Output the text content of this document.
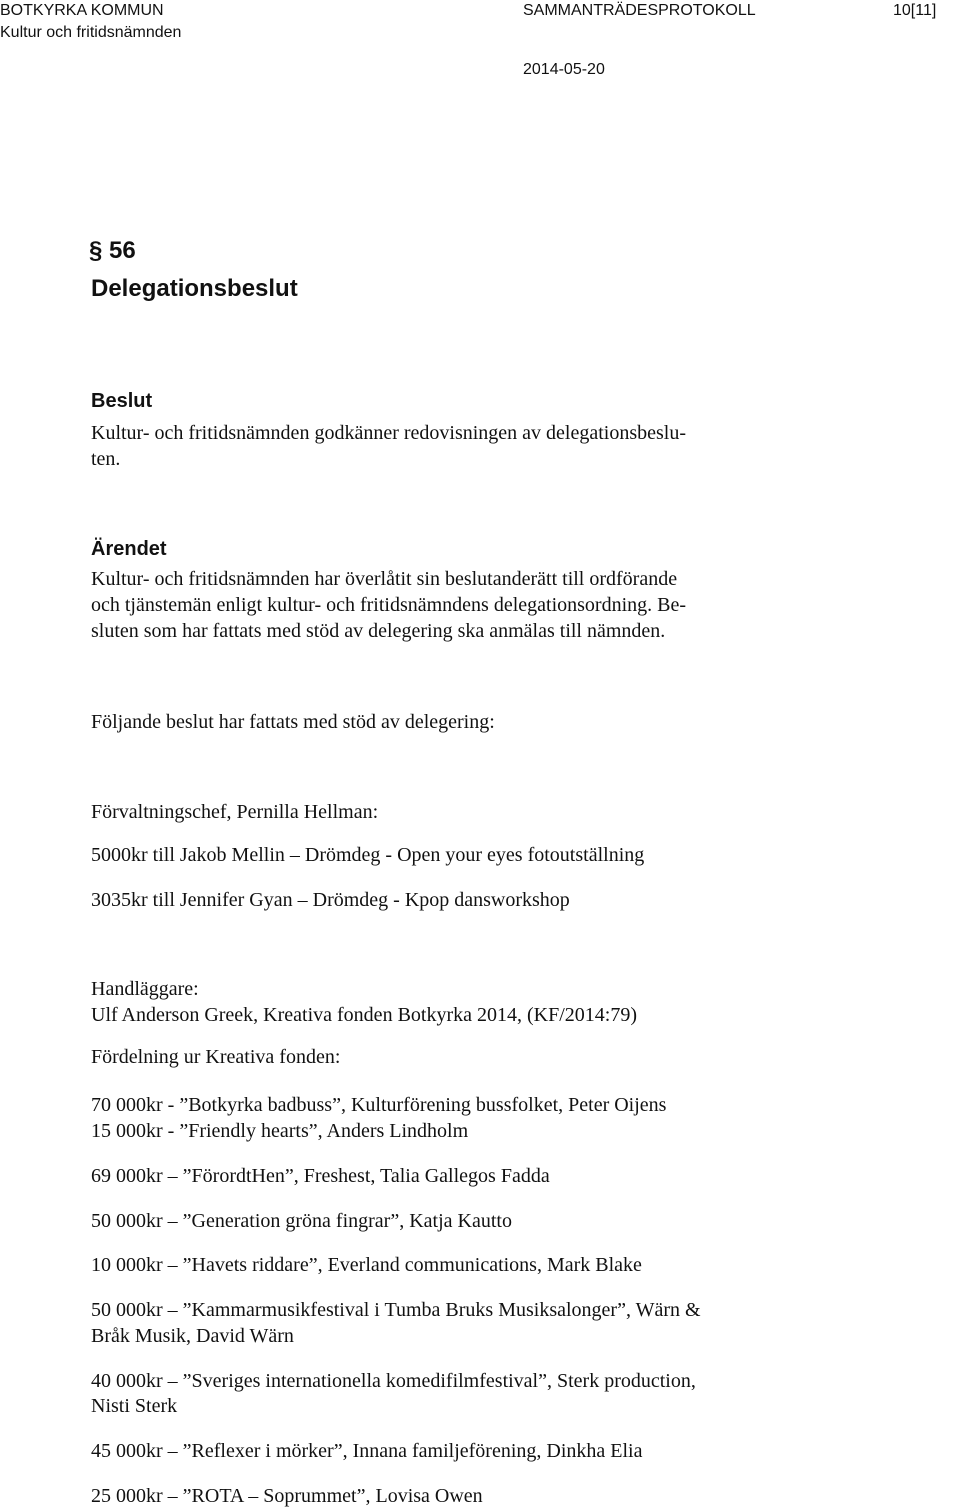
BOTKYRKA KOMMUN
Kultur och fritidsnämnden
SAMMANTRÄDESPROTOKOLL	10[11]
2014-05-20
§ 56
Delegationsbeslut
Beslut
Kultur- och fritidsnämnden godkänner redovisningen av delegationsbeslu-
ten.
Ärendet
Kultur- och fritidsnämnden har överlåtit sin beslutanderätt till ordförande
och tjänstemän enligt kultur- och fritidsnämndens delegationsordning. Be-
sluten som har fattats med stöd av delegering ska anmälas till nämnden.
Följande beslut har fattats med stöd av delegering:
Förvaltningschef, Pernilla Hellman:
5000kr till Jakob Mellin – Drömdeg - Open your eyes fotoutställning
3035kr till Jennifer Gyan – Drömdeg - Kpop dansworkshop
Handläggare:
Ulf Anderson Greek, Kreativa fonden Botkyrka 2014, (KF/2014:79)
Fördelning ur Kreativa fonden:
70 000kr - ”Botkyrka badbuss”, Kulturförening bussfolket, Peter Oijens
15 000kr - ”Friendly hearts”, Anders Lindholm
69 000kr – ”FörordtHen”, Freshest, Talia Gallegos Fadda
50 000kr – ”Generation gröna fingrar”, Katja Kautto
10 000kr – ”Havets riddare”, Everland communications, Mark Blake
50 000kr – ”Kammarmusikfestival i Tumba Bruks Musiksalonger”, Wärn &
Bråk Musik, David Wärn
40 000kr – ”Sveriges internationella komedifilmfestival”, Sterk production,
Nisti Sterk
45 000kr – ”Reflexer i mörker”, Innana familjeförening, Dinkha Elia
25 000kr – ”ROTA – Soprummet”, Lovisa Owen
